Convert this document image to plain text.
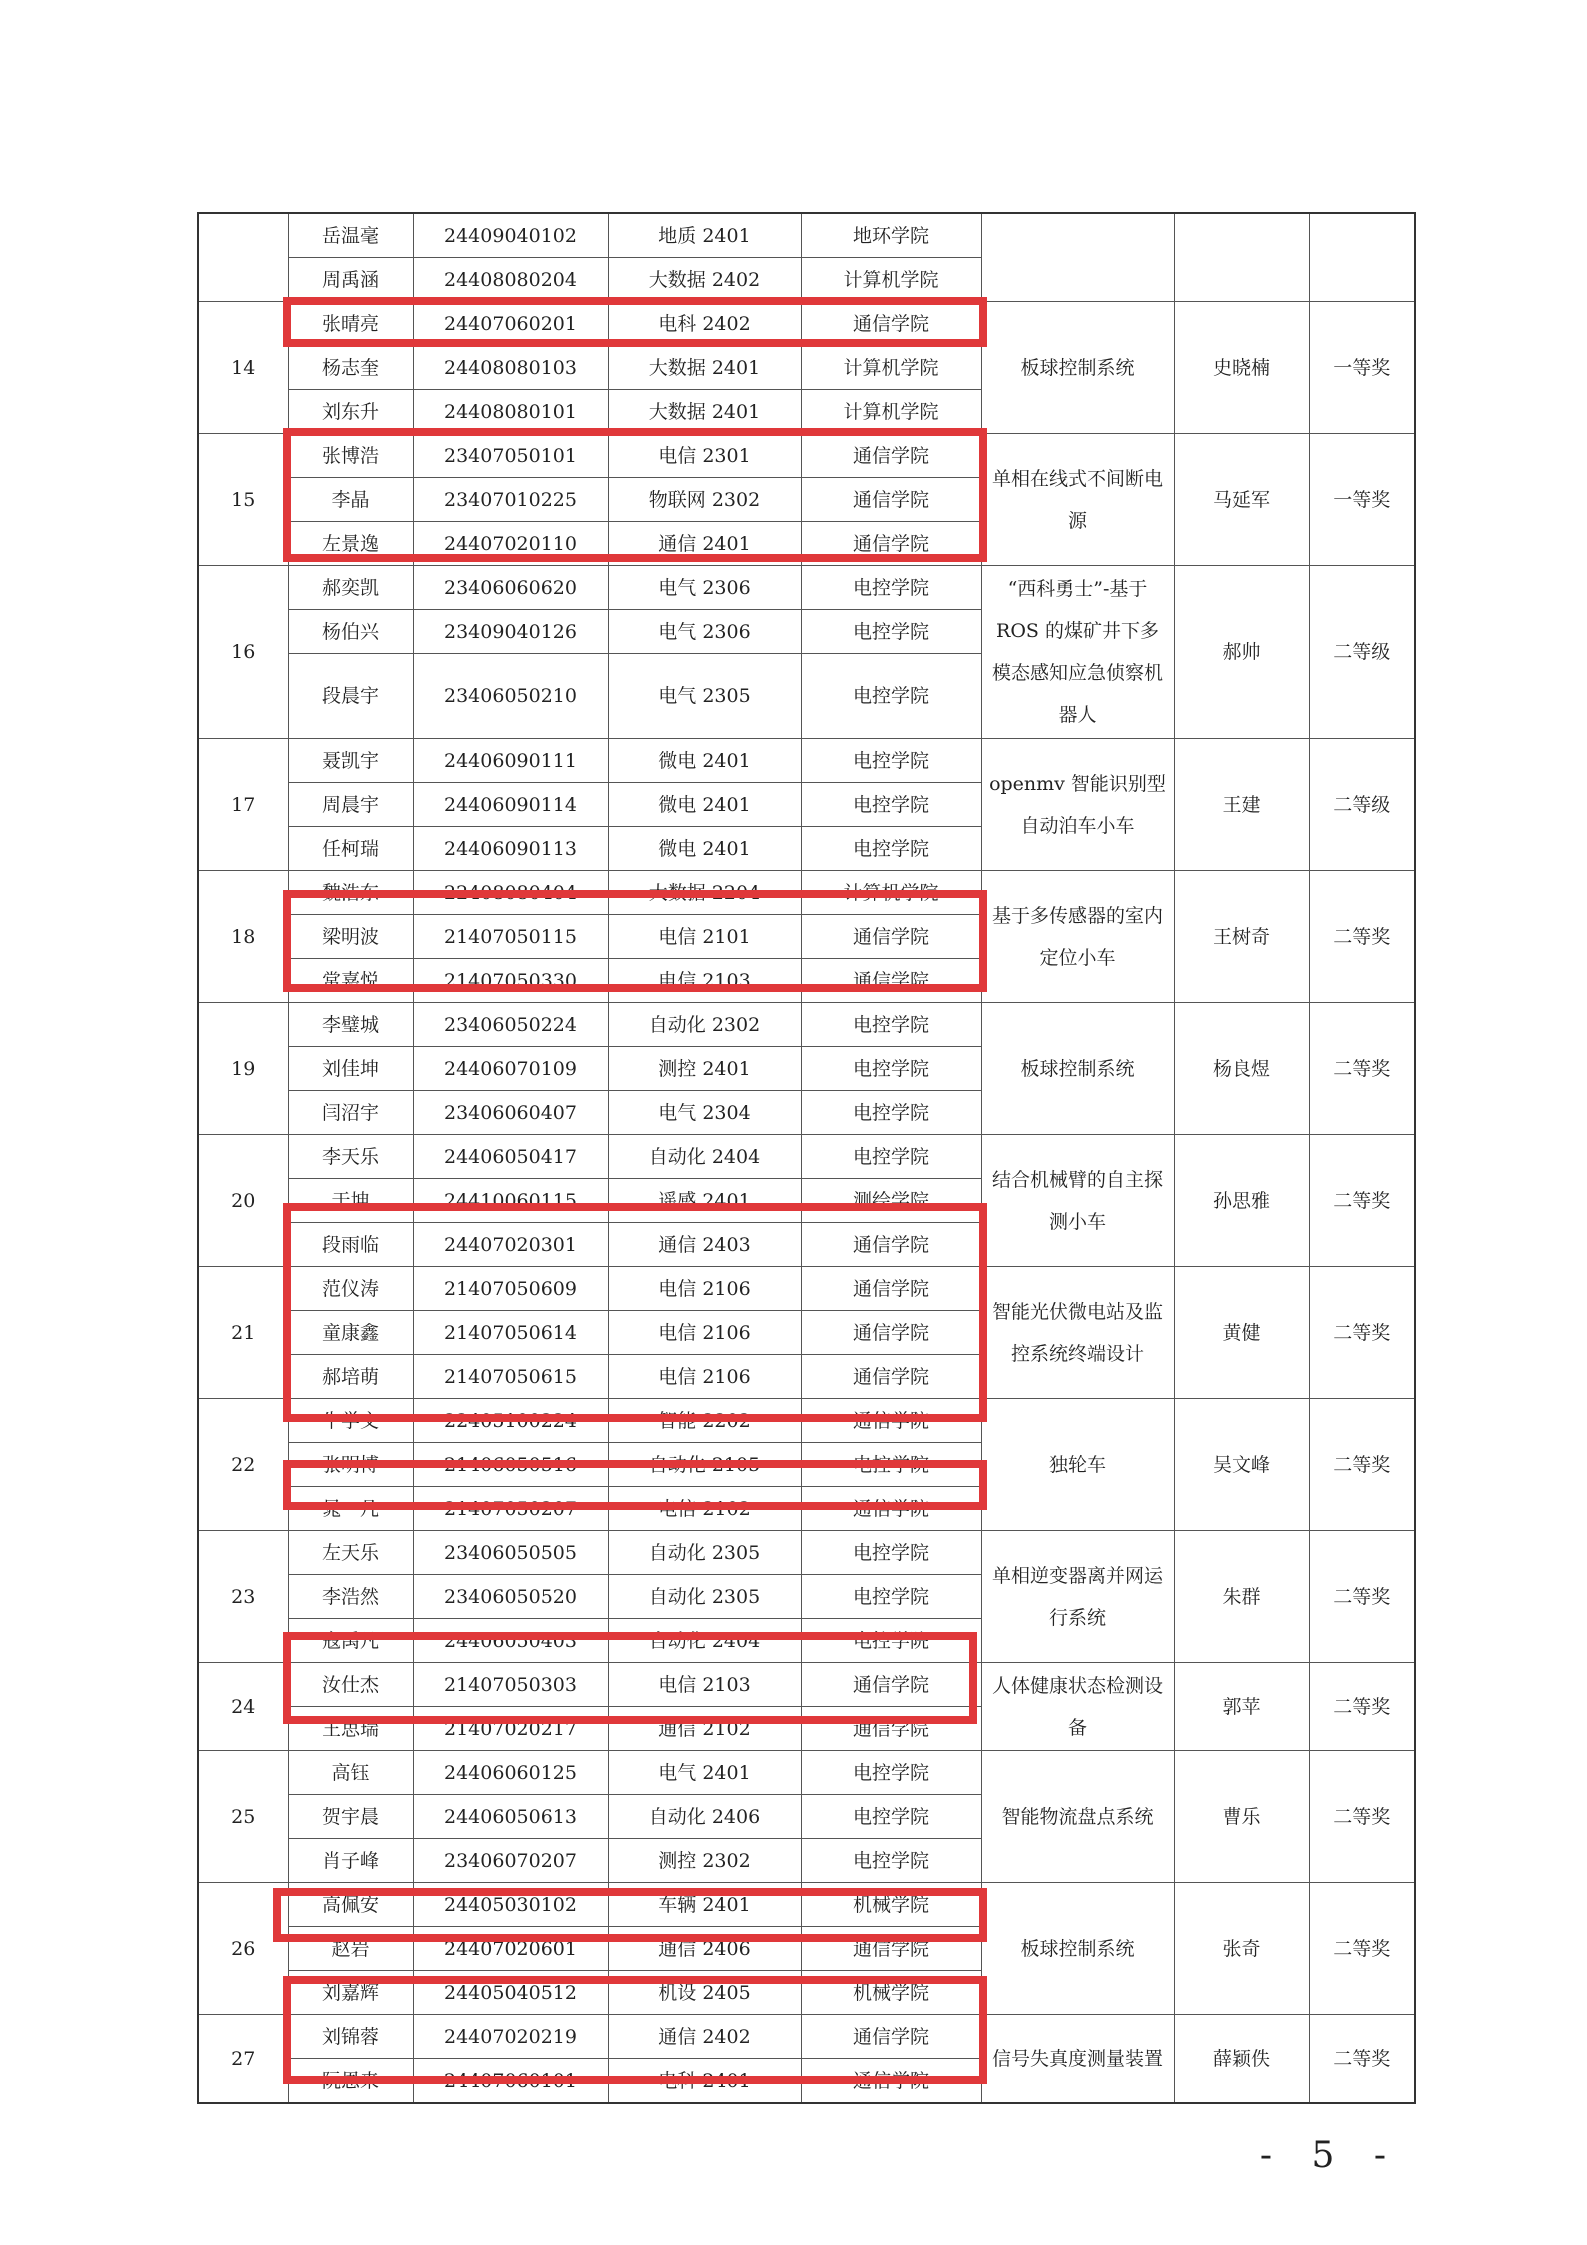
	岳温毫	24409040102	地质 2401	地环学院			
	周禹涵	24408080204	大数据 2402	计算机学院			
14	张晴亮	24407060201	电科 2402	通信学院	板球控制系统	史晓楠	一等奖
	杨志奎	24408080103	大数据 2401	计算机学院			
	刘东升	24408080101	大数据 2401	计算机学院			
15	张博浩	23407050101	电信 2301	通信学院	单相在线式不间断电源	马延军	一等奖
	李晶	23407010225	物联网 2302	通信学院			
	左景逸	24407020110	通信 2401	通信学院			
16	郝奕凯	23406060620	电气 2306	电控学院	“西科勇士”-基于ROS 的煤矿井下多模态感知应急侦察机器人	郝帅	二等级
	杨伯兴	23409040126	电气 2306	电控学院			
	段晨宇	23406050210	电气 2305	电控学院			
17	聂凯宇	24406090111	微电 2401	电控学院	openmv 智能识别型自动泊车小车	王建	二等级
	周晨宇	24406090114	微电 2401	电控学院			
	任柯瑞	24406090113	微电 2401	电控学院			
18	魏浩东	22408080404	大数据 2204	计算机学院	基于多传感器的室内定位小车	王树奇	二等奖
	梁明波	21407050115	电信 2101	通信学院			
	常嘉悦	21407050330	电信 2103	通信学院			
19	李璧城	23406050224	自动化 2302	电控学院	板球控制系统	杨良煜	二等奖
	刘佳坤	24406070109	测控 2401	电控学院			
	闫沼宇	23406060407	电气 2304	电控学院			
20	李天乐	24406050417	自动化 2404	电控学院	结合机械臂的自主探测小车	孙思雅	二等奖
	于坤	24410060115	遥感 2401	测绘学院			
	段雨临	24407020301	通信 2403	通信学院			
21	范仪涛	21407050609	电信 2106	通信学院	智能光伏微电站及监控系统终端设计	黄健	二等奖
	童康鑫	21407050614	电信 2106	通信学院			
	郝培萌	21407050615	电信 2106	通信学院			
22	牛学文	22405100224	智能 2202	通信学院	独轮车	吴文峰	二等奖
	张明博	21406050516	自动化 2105	电控学院			
	晁一凡	21407050207	电信 2102	通信学院			
23	左天乐	23406050505	自动化 2305	电控学院	单相逆变器离并网运行系统	朱群	二等奖
	李浩然	23406050520	自动化 2305	电控学院			
	寇禹凡	24406050403	自动化 2404	电控学院			
24	汝仕杰	21407050303	电信 2103	通信学院	人体健康状态检测设备	郭苹	二等奖
	王思瑞	21407020217	通信 2102	通信学院			
25	高钰	24406060125	电气 2401	电控学院	智能物流盘点系统	曹乐	二等奖
	贺宇晨	24406050613	自动化 2406	电控学院			
	肖子峰	23406070207	测控 2302	电控学院			
26	高佩安	24405030102	车辆 2401	机械学院	板球控制系统	张奇	二等奖
	赵岩	24407020601	通信 2406	通信学院			
	刘嘉辉	24405040512	机设 2405	机械学院			
27	刘锦蓉	24407020219	通信 2402	通信学院	信号失真度测量装置	薛颖佚	二等奖
	阮恩来	24407060101	电科 2401	通信学院			
- 5 -
